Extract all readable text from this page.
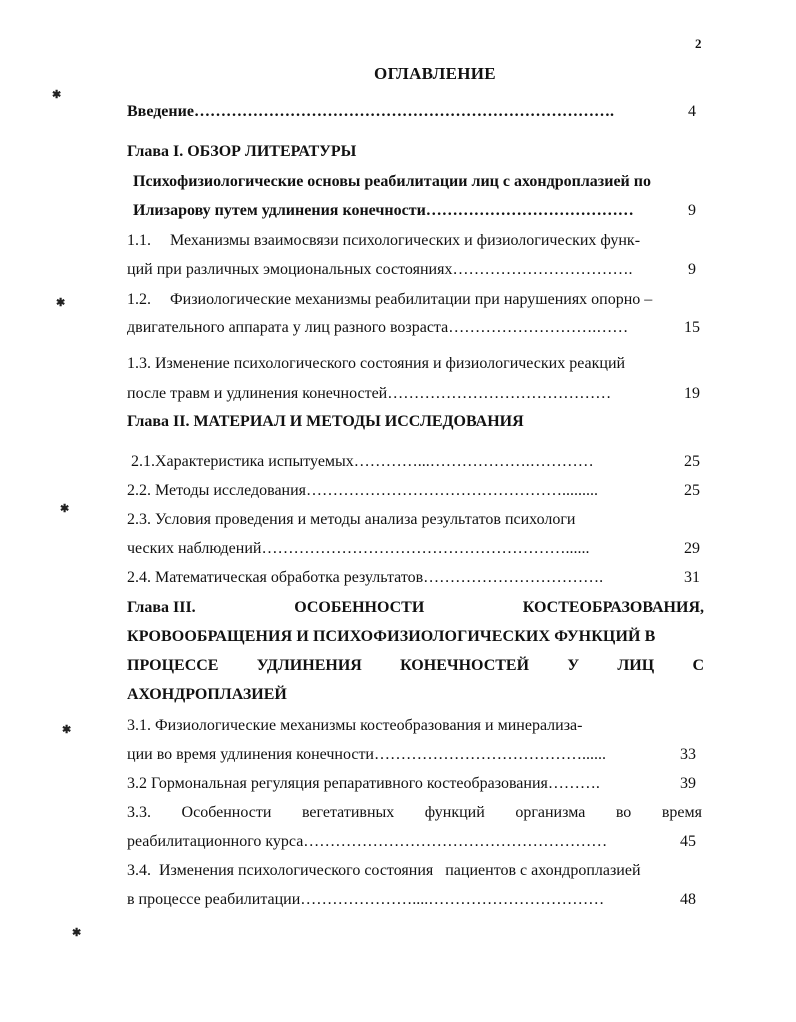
2
ОГЛАВЛЕНИЕ
✱
✱
✱
✱
✱
Введение…………………………………………………………………….	4
Глава I. ОБЗОР ЛИТЕРАТУРЫ
Психофизиологические основы реабилитации лиц с ахондроплазией по
Илизарову путем удлинения конечности…………………………………	9
1.1. Механизмы взаимосвязи психологических и физиологических функ-
ций при различных эмоциональных состояниях…………………………….	9
1.2. Физиологические механизмы реабилитации при нарушениях опорно –
двигательного аппарата у лиц разного возраста……………………….……	15
1.3. Изменение психологического состояния и физиологических реакций
после травм и удлинения конечностей……………………………………	19
Глава II. МАТЕРИАЛ И МЕТОДЫ ИССЛЕДОВАНИЯ
2.1.Характеристика испытуемых…………...……………….…………	25
2.2. Методы исследования………………………………………….........	25
2.3. Условия проведения и методы анализа результатов психологи
ческих наблюдений…………………………………………………......	29
2.4. Математическая обработка результатов…………………………….	31
Глава III.	ОСОБЕННОСТИ	КОСТЕОБРАЗОВАНИЯ,
КРОВООБРАЩЕНИЯ И ПСИХОФИЗИОЛОГИЧЕСКИХ ФУНКЦИЙ В
ПРОЦЕССЕ УДЛИНЕНИЯ КОНЕЧНОСТЕЙ У ЛИЦ С
АХОНДРОПЛАЗИЕЙ
3.1. Физиологические механизмы костеобразования и минерализа-
ции во время удлинения конечности…………………………………......	33
3.2 Гормональная регуляция репаративного костеобразования……….	39
3.3. Особенности вегетативных функций организма во время
реабилитационного курса…………………………………………………	45
3.4.  Изменения психологического состояния   пациентов с ахондроплазией
в процессе реабилитации…………………....……………………………	48
